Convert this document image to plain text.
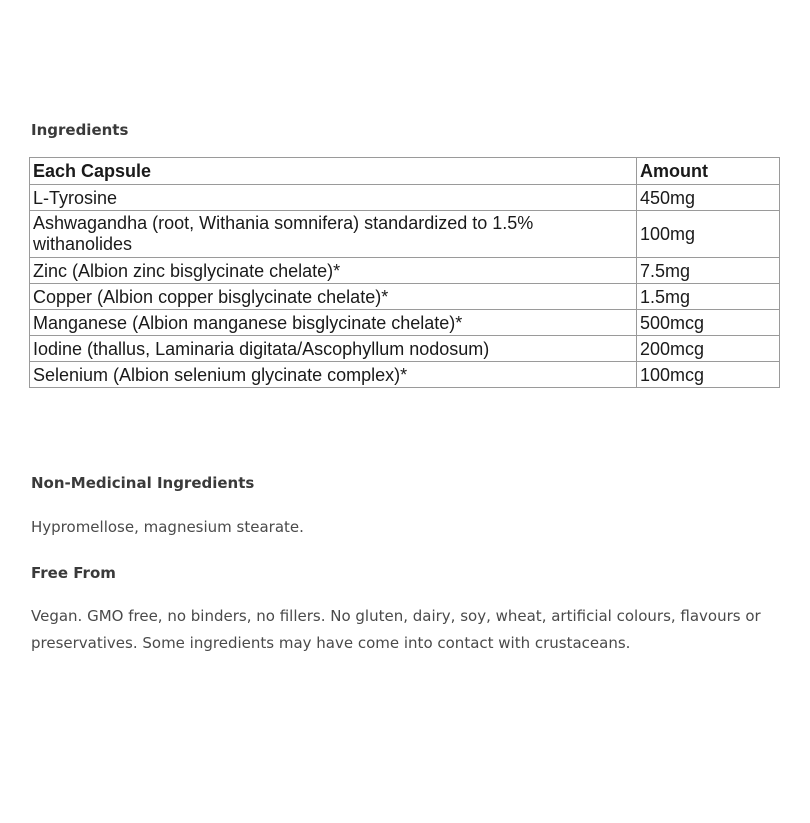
Ingredients
Each Capsule	Amount
L-Tyrosine	450mg
Ashwagandha (root, Withania somnifera) standardized to 1.5% withanolides	100mg
Zinc (Albion zinc bisglycinate chelate)*	7.5mg
Copper (Albion copper bisglycinate chelate)*	1.5mg
Manganese (Albion manganese bisglycinate chelate)*	500mcg
Iodine (thallus, Laminaria digitata/Ascophyllum nodosum)	200mcg
Selenium (Albion selenium glycinate complex)*	100mcg
Non-Medicinal Ingredients

Hypromellose, magnesium stearate.

Free From

Vegan. GMO free, no binders, no fillers. No gluten, dairy, soy, wheat, artificial colours, flavours or preservatives. Some ingredients may have come into contact with crustaceans.
